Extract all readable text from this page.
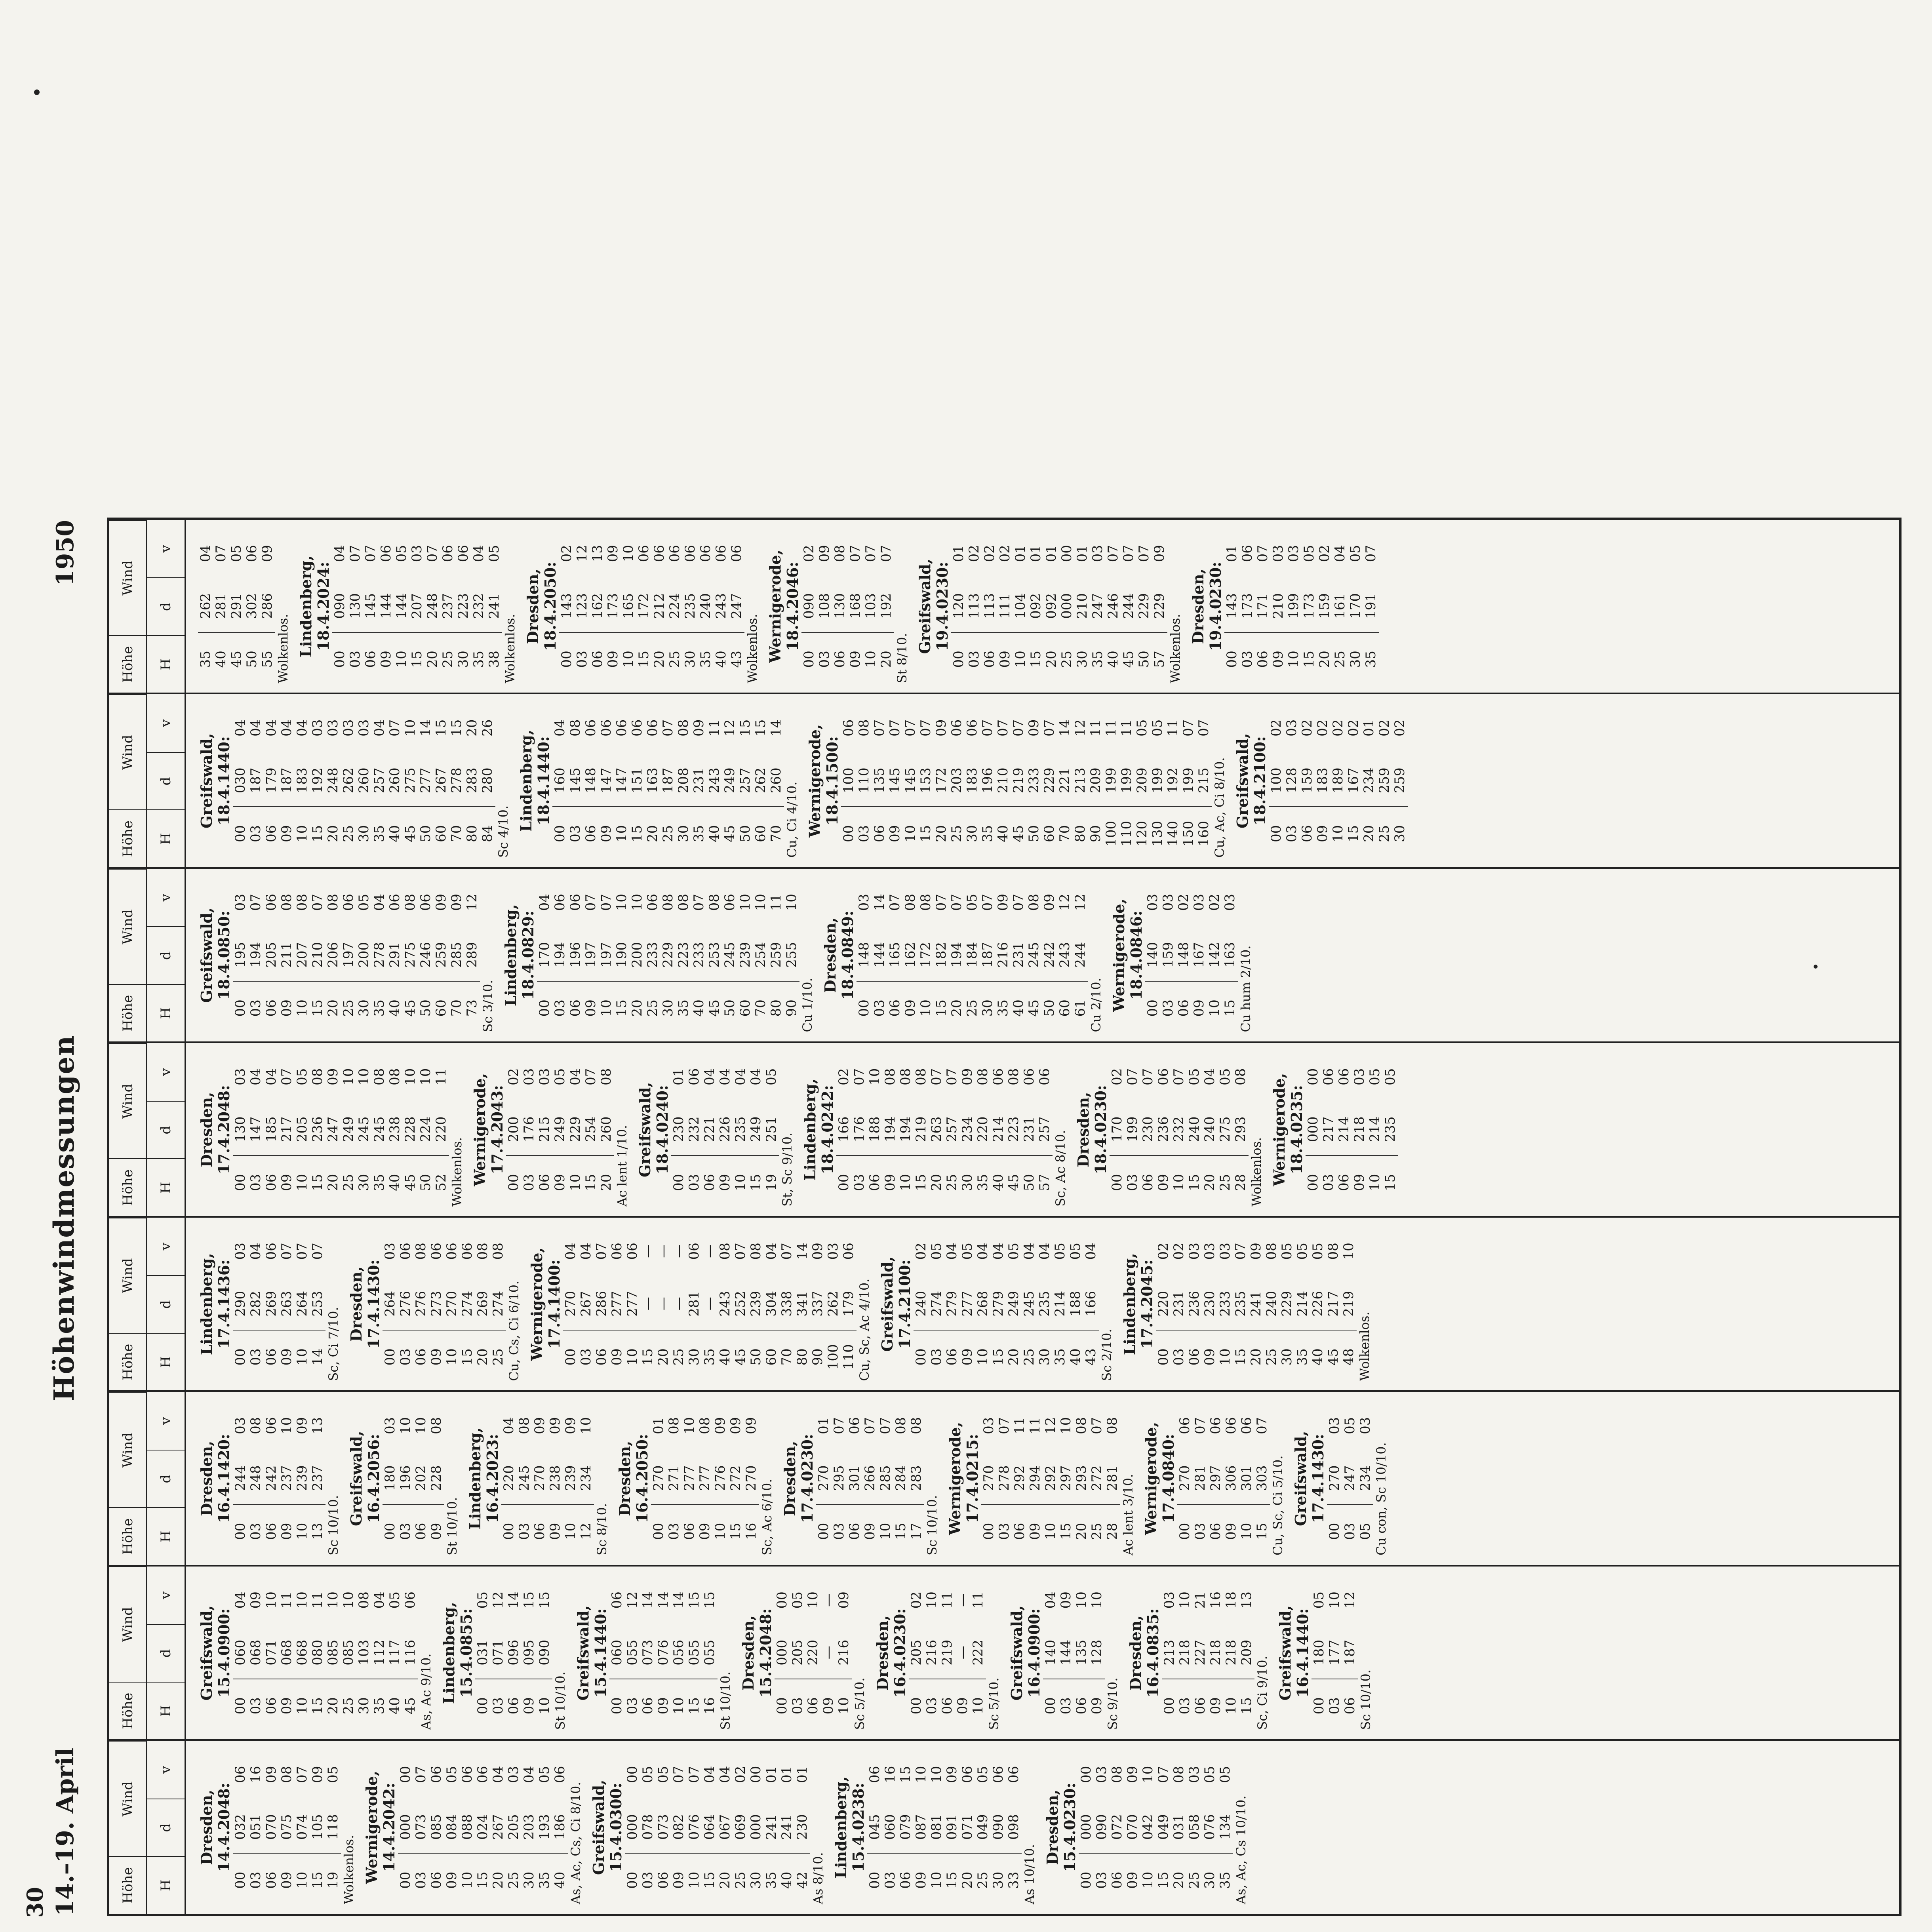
30 14.–19. April
Höhenwindmessungen
1950
Höhe
Wind
H
d
v
Dresden, 14.4.2048:
00
032
06
03
051
16
06
070
09
09
075
08
10
074
07
15
105
09
19
118
05
Wolkenlos. Wernigerode, 14.4.2042:
00
000
00
03
073
07
06
085
06
09
084
05
10
088
06
15
024
06
20
267
04
25
205
03
30
203
04
35
193
05
40
186
06
As, Ac, Cs, Ci 8/10. Greifswald, 15.4.0300:
00
000
00
03
078
05
06
073
05
09
082
07
10
076
07
15
064
04
20
067
04
25
069
02
30
000
00
35
241
01
40
241
01
42
230
01
As 8/10. Lindenberg, 15.4.0238:
00
045
06
03
060
16
06
079
15
09
087
10
10
081
10
15
091
09
20
071
06
25
049
05
30
090
06
33
098
06
As 10/10.
Dresden, 15.4.0230:
00
000
00
03
090
03
06
072
08
09
070
09
10
042
10
15
049
07
20
031
08
25
058
03
30
076
05
35
134
05
As, Ac, Cs 10/10.
Höhe
Wind
H
d
v
Greifswald, 15.4.0900:
00
060
04
03
068
09
06
071
10
09
068
11
10
068
10
15
080
11
20
085
10
25
085
10
30
103
08
35
112
04
40
117
05
45
116
06
As, Ac 9/10. Lindenberg, 15.4.0855:
00
031
05
03
071
12
06
096
14
09
095
15
10
090
15
St 10/10.
Greifswald, 15.4.1440:
00
060
06
03
055
12
06
073
14
09
076
14
10
056
14
15
055
15
16
055
15
St 10/10.
Dresden, 15.4.2048:
00
000
00
03
205
05
06
220
10
09
—
—
10
216
09
Sc 5/10.
Dresden, 16.4.0230:
00
205
02
03
216
10
06
219
11
09
—
—
10
222
11
Sc 5/10.
Greifswald, 16.4.0900:
00
140
04
03
144
09
06
135
10
09
128
10
Sc 9/10.
Dresden, 16.4.0835:
00
213
03
03
218
10
06
227
21
09
218
16
10
218
18
15
209
13
Sc, Ci 9/10. Greifswald, 16.4.1440:
00
180
05
03
177
10
06
187
12
Sc 10/10.
Höhe
Wind
H
d
v
Dresden, 16.4.1420:
00
244
03
03
248
08
06
242
06
09
237
10
10
239
09
13
237
13
Sc 10/10. Greifswald, 16.4.2056:
00
180
03
03
196
10
06
202
10
09
228
08
St 10/10. Lindenberg, 16.4.2023:
00
220
04
03
245
08
06
270
09
09
238
09
10
239
09
12
234
10
Sc 8/10.
Dresden, 16.4.2050:
00
270
01
03
271
08
06
277
10
09
277
08
10
276
09
15
272
09
16
270
09
Sc, Ac 6/10.
Dresden, 17.4.0230:
00
270
01
03
295
07
06
301
06
09
266
07
10
285
07
15
284
08
17
283
08
Sc 10/10. Wernigerode, 17.4.0215:
00
270
03
03
278
07
06
292
11
09
294
11
10
292
12
15
297
10
20
293
08
25
272
07
28
281
08
Ac lent 3/10. Wernigerode, 17.4.0840:
00
270
06
03
281
07
06
297
06
09
306
06
10
301
06
15
303
07
Cu, Sc, Ci 5/10. Greifswald, 17.4.1430:
00
270
03
03
247
05
05
234
03
Cu con, Sc 10/10.
Höhe
Wind
H
d
v
Lindenberg, 17.4.1436:
00
290
03
03
282
04
06
269
06
09
263
07
10
264
07
14
253
07
Sc, Ci 7/10.
Dresden, 17.4.1430:
00
264
03
03
276
06
06
276
08
09
273
06
10
270
06
15
274
06
20
269
08
25
274
08
Cu, Cs, Ci 6/10. Wernigerode, 17.4.1400:
00
270
04
03
267
04
06
286
07
09
277
06
10
277
06
15
—
—
20
—
—
25
—
—
30
281
06
35
—
—
40
243
08
45
252
07
50
239
08
60
304
04
70
338
07
80
341
14
90
337
09
100
262
03
110
179
06
Cu, Sc, Ac 4/10. Greifswald, 17.4.2100:
00
240
02
03
274
05
06
279
04
09
277
05
10
268
04
15
279
04
20
249
05
25
245
04
30
235
04
35
214
05
40
188
05
43
166
04
Sc 2/10. Lindenberg, 17.4.2045:
00
220
02
03
231
02
06
236
03
09
230
03
10
233
03
15
235
07
20
241
09
25
240
08
30
229
05
35
214
05
40
226
05
45
217
08
48
219
10
Wolkenlos.
Höhe
Wind
H
d
v
Dresden, 17.4.2048:
00
130
03
03
147
04
06
185
04
09
217
07
10
205
05
15
236
08
20
247
09
25
249
10
30
245
10
35
245
08
40
238
08
45
228
10
50
224
10
52
220
11
Wolkenlos. Wernigerode, 17.4.2043:
00
200
02
03
176
03
06
215
03
09
249
05
10
229
04
15
254
07
20
260
08
Ac lent 1/10. Greifswald, 18.4.0240:
00
230
01
03
232
06
06
221
04
09
226
04
10
235
04
15
249
04
19
251
05
St, Sc 9/10. Lindenberg, 18.4.0242:
00
166
02
03
176
07
06
188
10
09
194
08
10
194
08
15
219
08
20
263
07
25
257
07
30
234
09
35
220
08
40
214
06
45
223
08
50
231
06
57
257
06
Sc, Ac 8/10.
Dresden, 18.4.0230:
00
170
02
03
199
07
06
230
07
09
236
06
10
232
07
15
240
05
20
240
04
25
275
05
28
293
08
Wolkenlos. Wernigerode, 18.4.0235:
00
000
00
03
217
06
06
214
06
09
218
03
10
214
05
15
235
05
Höhe
Wind
H
d
v
Greifswald, 18.4.0850:
00
195
03
03
194
07
06
205
06
09
211
08
10
207
08
15
210
07
20
206
08
25
197
06
30
200
05
35
278
04
40
291
06
45
275
08
50
246
06
60
259
09
70
285
09
73
289
12
Sc 3/10. Lindenberg, 18.4.0829:
00
170
04
03
194
06
06
196
06
09
197
07
10
197
07
15
190
10
20
200
10
25
233
06
30
229
08
35
223
08
40
233
07
45
253
08
50
245
06
60
239
10
70
254
10
80
259
11
90
255
10
Cu 1/10.
Dresden, 18.4.0849:
00
148
03
03
144
14
06
165
07
09
162
08
10
172
08
15
182
07
20
194
07
25
184
05
30
187
07
35
216
09
40
231
07
45
245
08
50
242
09
60
243
12
61
244
12
Cu 2/10. Wernigerode, 18.4.0846:
00
140
03
03
159
03
06
148
02
09
167
03
10
142
02
15
163
03
Cu hum 2/10.
Höhe
Wind
H
d
v
Greifswald, 18.4.1440:
00
030
04
03
187
04
06
179
04
09
187
04
10
183
04
15
192
03
20
248
03
25
262
03
30
260
03
35
257
04
40
260
07
45
275
10
50
277
14
60
267
15
70
278
15
80
283
20
84
280
26
Sc 4/10. Lindenberg, 18.4.1440:
00
160
04
03
145
08
06
148
06
09
147
06
10
147
06
15
151
06
20
163
06
25
187
07
30
208
08
35
231
09
40
243
11
45
249
12
50
257
15
60
262
15
70
260
14
Cu, Ci 4/10. Wernigerode, 18.4.1500:
00
100
06
03
110
08
06
135
07
09
145
07
10
145
07
15
153
07
20
172
09
25
203
06
30
183
06
35
196
07
40
210
07
45
219
07
50
233
09
60
229
07
70
221
14
80
213
12
90
209
11
100
199
11
110
199
11
120
209
05
130
199
05
140
192
11
150
199
07
160
215
07
Cu, Ac, Ci 8/10. Greifswald, 18.4.2100:
00
100
02
03
128
03
06
159
02
09
183
02
10
189
02
15
167
02
20
234
01
25
259
02
30
259
02
Höhe
Wind
H
d
v
35
262
04
40
281
07
45
291
05
50
302
06
55
286
09
Wolkenlos. Lindenberg, 18.4.2024:
00
090
04
03
130
07
06
145
07
09
144
06
10
144
05
15
207
03
20
248
07
25
237
06
30
223
06
35
232
04
38
241
05
Wolkenlos.
Dresden, 18.4.2050:
00
143
02
03
123
12
06
162
13
09
173
09
10
165
10
15
172
06
20
212
06
25
224
06
30
235
06
35
240
06
40
243
06
43
247
06
Wolkenlos. Wernigerode, 18.4.2046:
00
090
02
03
108
09
06
130
08
09
168
07
10
103
07
20
192
07
St 8/10.
Greifswald, 19.4.0230:
00
120
01
03
113
02
06
113
02
09
111
02
10
104
01
15
092
01
20
092
01
25
000
00
30
210
01
35
247
03
40
246
07
45
244
07
50
229
07
57
229
09
Wolkenlos.
Dresden, 19.4.0230:
00
143
01
03
173
06
06
171
07
09
210
03
10
199
03
15
173
05
20
159
02
25
161
04
30
170
05
35
191
07
